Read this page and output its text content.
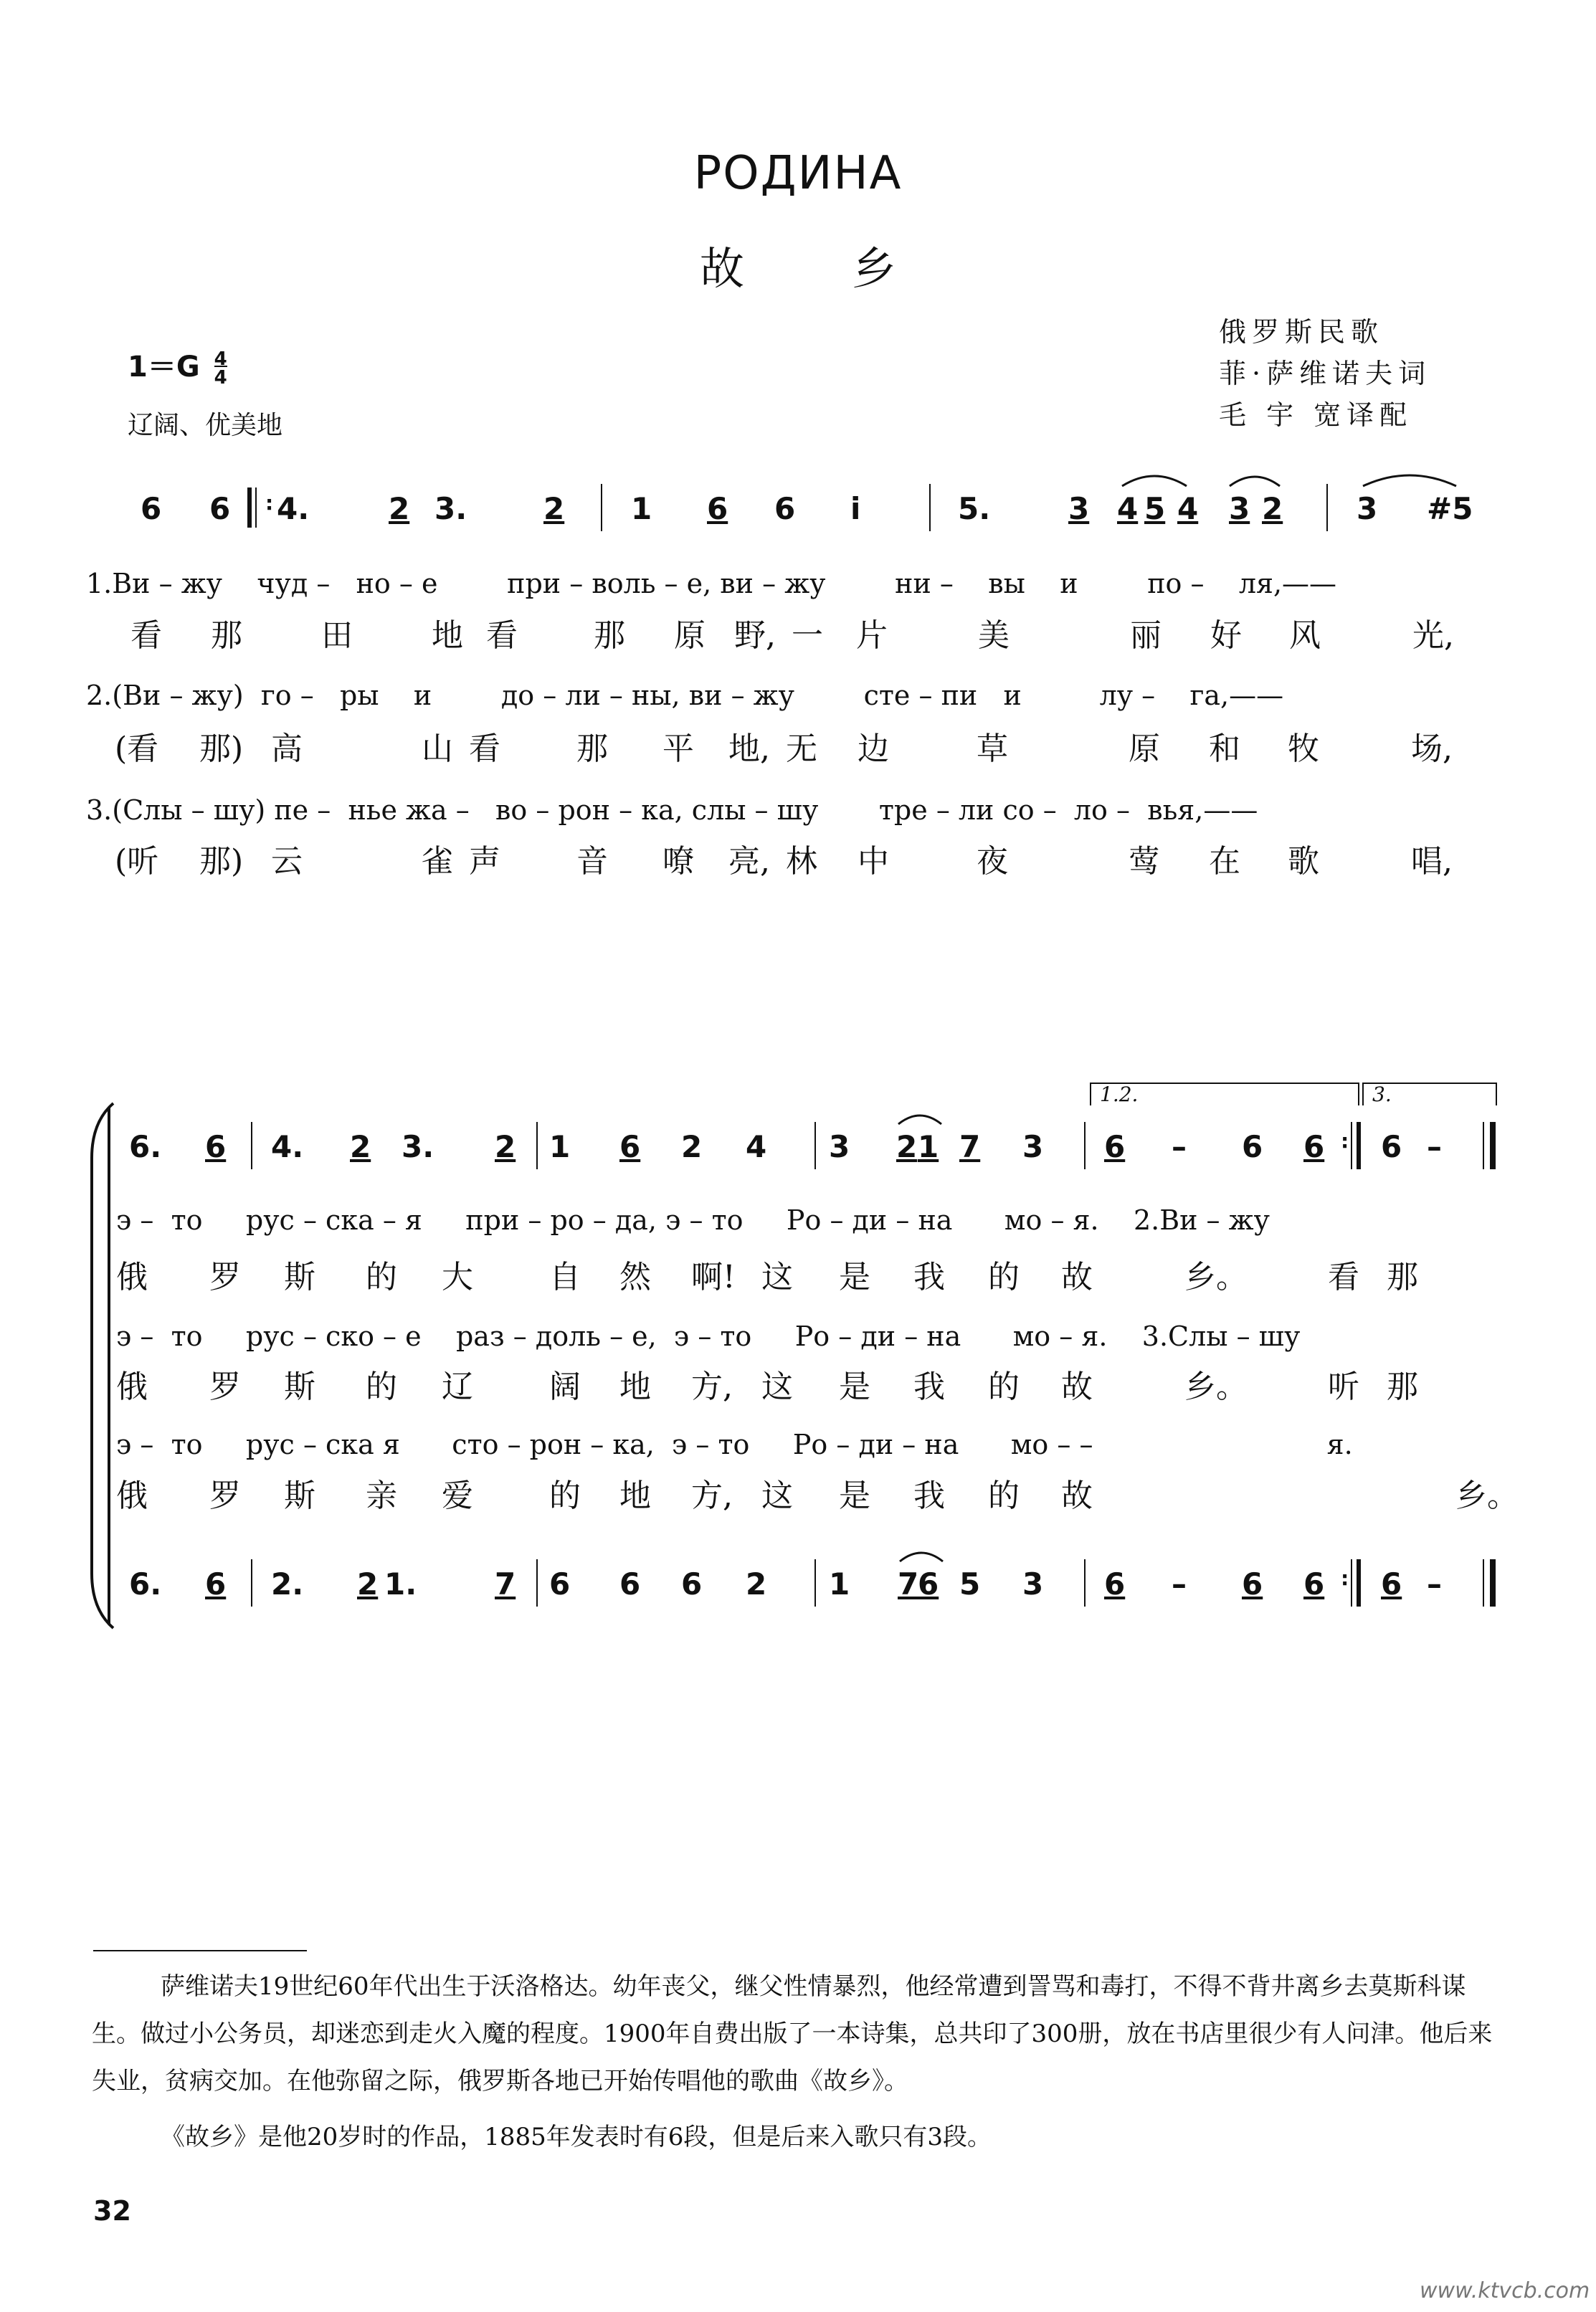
РОДИНА
故乡
俄罗斯民歌
菲·萨维诺夫词
毛 宇 宽译配
$1=G \frac{4}{4}$
辽阔、优美地
6 6 : 4.	2 3.	2 1 6 6 i	5.	3 4 5 4 3 2 3 #5
1.Ви – жу чуд – но – е	при – воль – е, ви – жу	ни – вы и	по – ля,——
看 那	田	地 看 那 原 野, 一 片	美	丽 好 风	光,
2.(Ви – жу) го – ры и	до – ли – ны, ви – жу	сте – пи и	лу – га,——
(看 那) 高	山 看 那 平 地, 无 边	草	原 和 牧	场,
3.(Слы – шу) пе – нье жа – во – рон – ка, слы – шу тре – ли со – ло – вья,——
(听 那) 云	雀 声 音 嘹 亮, 林 中	夜	莺 在 歌	唱,
1.2.	3.
6. 6 4. 2 3. 2 1 6 2 4 3 2 1 7 3 6 – 6 6 : 6 –
э – то рус – ска – я при – ро – да, э – то Ро – ди – на мо – я. 2.Ви – жу
俄 罗 斯 的 大 自 然 啊! 这 是 我 的 故	乡。	看 那
э – то рус – ско – е раз – доль – е, э – то Ро – ди – на мо – я. 3.Слы – шу
俄 罗 斯 的 辽 阔 地 方, 这 是 我 的 故	乡。	听 那
э – то рус – ска я сто – рон – ка, э – то Ро – ди – на мо – –	я.
俄 罗 斯 亲 爱 的 地 方, 这 是 我 的 故	乡。
6. 6 2. 2 1.	7 6 6 6 2 1 7
6 5 3 6 – 6 6 : 6 –
萨维诺夫19世纪60年代出生于沃洛格达。幼年丧父，继父性情暴烈，他经常遭到詈骂和毒打，不得不背井离乡去莫斯科谋生。做过小公务员，却迷恋到走火入魔的程度。1900年自费出版了一本诗集，总共印了300册，放在书店里很少有人问津。他后来失业，贫病交加。在他弥留之际，俄罗斯各地已开始传唱他的歌曲《故乡》。
《故乡》是他20岁时的作品，1885年发表时有6段，但是后来入歌只有3段。
32
www.ktvcb.com
